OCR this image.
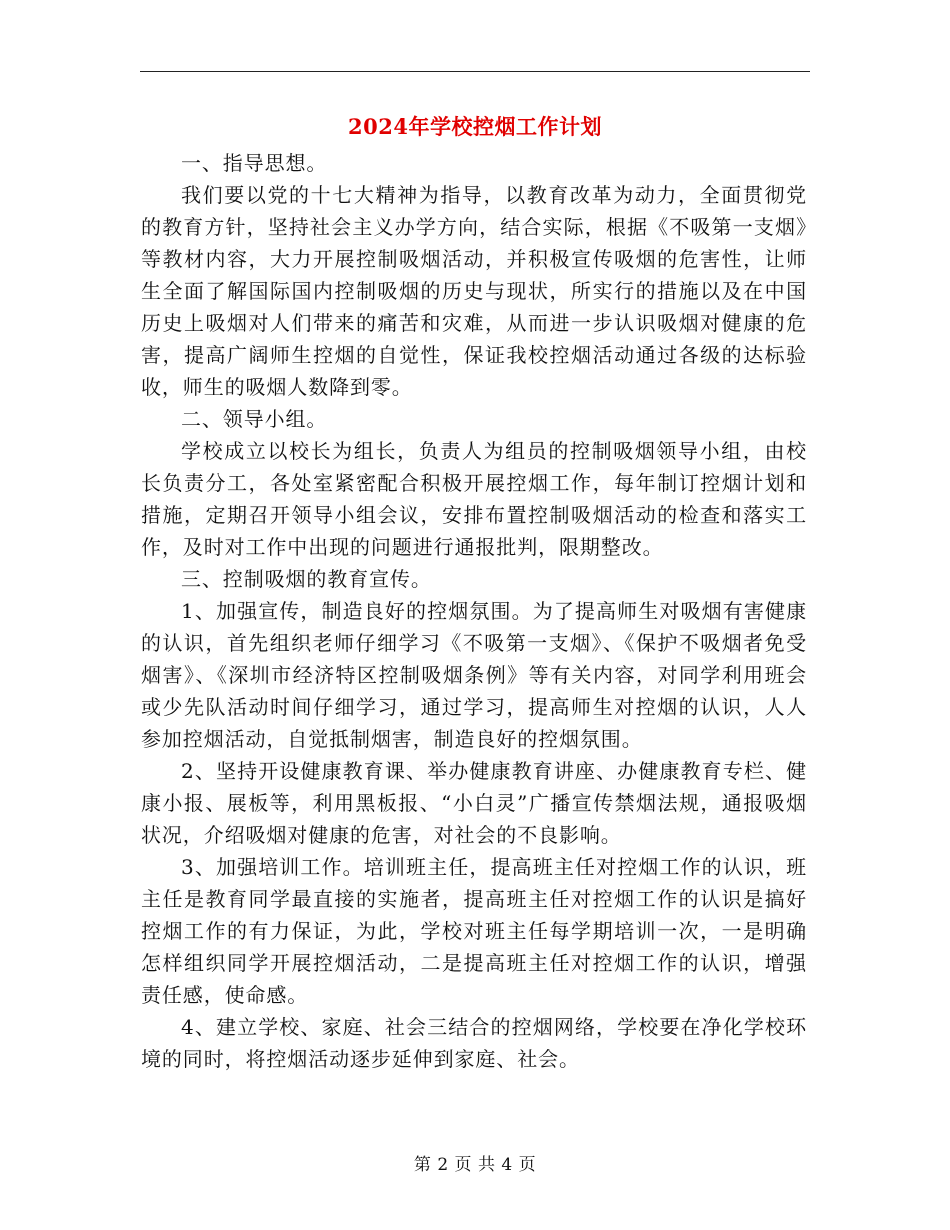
2024年学校控烟工作计划

一、指导思想。

我们要以党的十七大精神为指导，以教育改革为动力，全面贯彻党的教育方针，坚持社会主义办学方向，结合实际，根据《不吸第一支烟》等教材内容，大力开展控制吸烟活动，并积极宣传吸烟的危害性，让师生全面了解国际国内控制吸烟的历史与现状，所实行的措施以及在中国历史上吸烟对人们带来的痛苦和灾难，从而进一步认识吸烟对健康的危害，提高广阔师生控烟的自觉性，保证我校控烟活动通过各级的达标验收，师生的吸烟人数降到零。

二、领导小组。

学校成立以校长为组长，负责人为组员的控制吸烟领导小组，由校长负责分工，各处室紧密配合积极开展控烟工作，每年制订控烟计划和措施，定期召开领导小组会议，安排布置控制吸烟活动的检查和落实工作，及时对工作中出现的问题进行通报批判，限期整改。

三、控制吸烟的教育宣传。

1、加强宣传，制造良好的控烟氛围。为了提高师生对吸烟有害健康的认识，首先组织老师仔细学习《不吸第一支烟》、《保护不吸烟者免受烟害》、《深圳市经济特区控制吸烟条例》等有关内容，对同学利用班会或少先队活动时间仔细学习，通过学习，提高师生对控烟的认识，人人参加控烟活动，自觉抵制烟害，制造良好的控烟氛围。

2、坚持开设健康教育课、举办健康教育讲座、办健康教育专栏、健康小报、展板等，利用黑板报、“小白灵”广播宣传禁烟法规，通报吸烟状况，介绍吸烟对健康的危害，对社会的不良影响。

3、加强培训工作。培训班主任，提高班主任对控烟工作的认识，班主任是教育同学最直接的实施者，提高班主任对控烟工作的认识是搞好控烟工作的有力保证，为此，学校对班主任每学期培训一次，一是明确怎样组织同学开展控烟活动，二是提高班主任对控烟工作的认识，增强责任感，使命感。

4、建立学校、家庭、社会三结合的控烟网络，学校要在净化学校环境的同时，将控烟活动逐步延伸到家庭、社会。

第 2 页 共 4 页
